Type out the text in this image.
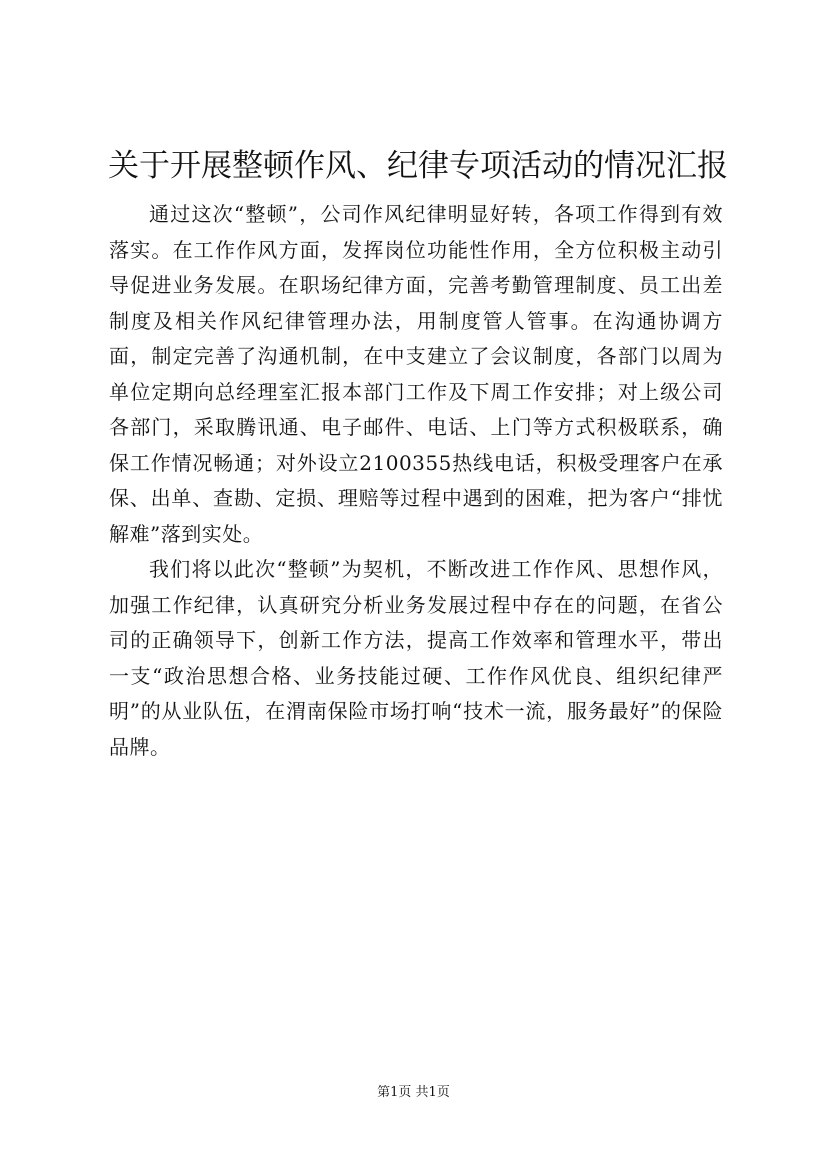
关于开展整顿作风、纪律专项活动的情况汇报

通过这次“整顿”，公司作风纪律明显好转，各项工作得到有效落实。在工作作风方面，发挥岗位功能性作用，全方位积极主动引导促进业务发展。在职场纪律方面，完善考勤管理制度、员工出差制度及相关作风纪律管理办法，用制度管人管事。在沟通协调方面，制定完善了沟通机制，在中支建立了会议制度，各部门以周为单位定期向总经理室汇报本部门工作及下周工作安排；对上级公司各部门，采取腾讯通、电子邮件、电话、上门等方式积极联系，确保工作情况畅通；对外设立2100355热线电话，积极受理客户在承保、出单、查勘、定损、理赔等过程中遇到的困难，把为客户“排忧解难”落到实处。

我们将以此次“整顿”为契机，不断改进工作作风、思想作风，加强工作纪律，认真研究分析业务发展过程中存在的问题，在省公司的正确领导下，创新工作方法，提高工作效率和管理水平，带出一支“政治思想合格、业务技能过硬、工作作风优良、组织纪律严明”的从业队伍，在渭南保险市场打响“技术一流，服务最好”的保险品牌。

第1页 共1页
